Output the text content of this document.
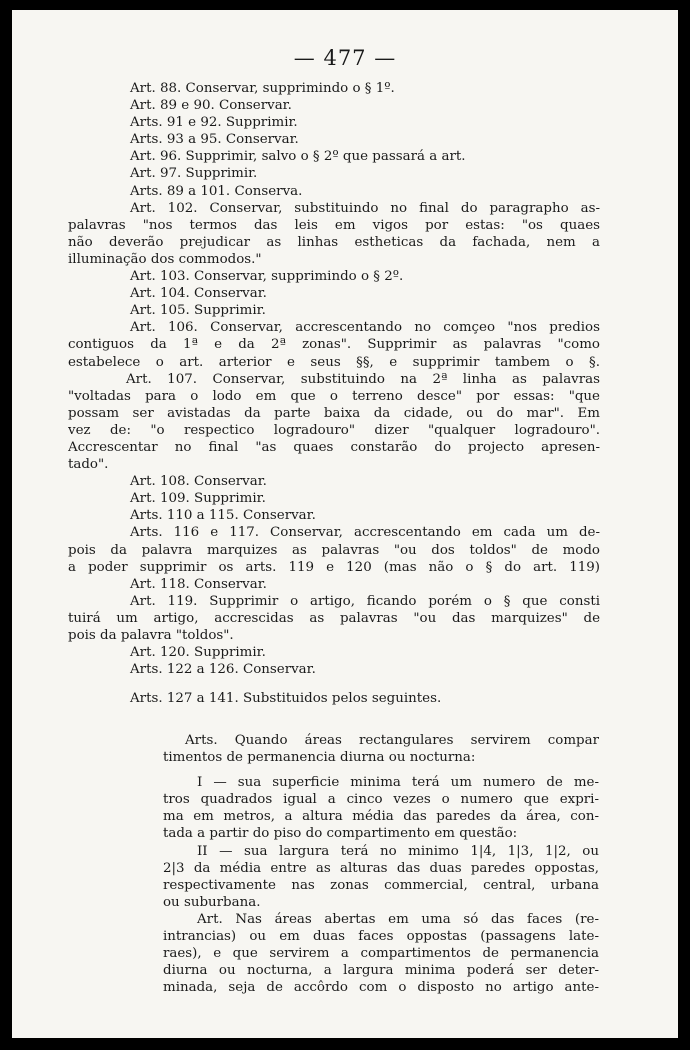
— 477 —
Art. 88. Conservar, supprimindo o § 1º.
Art. 89 e 90. Conservar.
Arts. 91 e 92. Supprimir.
Arts. 93 a 95. Conservar.
Art. 96. Supprimir, salvo o § 2º que passará a art.
Art. 97. Supprimir.
Arts. 89 a 101. Conserva.
Art. 102. Conservar, substituindo no final do paragrapho as-
palavras "nos termos das leis em vigos por estas: "os quaes
não deverão prejudicar as linhas estheticas da fachada, nem a
illuminação dos commodos."
Art. 103. Conservar, supprimindo o § 2º.
Art. 104. Conservar.
Art. 105. Supprimir.
Art. 106. Conservar, accrescentando no comçeo "nos predios
contiguos da 1ª e da 2ª zonas". Supprimir as palavras "como
estabelece o art. arterior e seus §§, e supprimir tambem o §.
Art. 107. Conservar, substituindo na 2ª linha as palavras
"voltadas para o lodo em que o terreno desce" por essas: "que
possam ser avistadas da parte baixa da cidade, ou do mar". Em
vez de: "o respectico logradouro" dizer "qualquer logradouro".
Accrescentar no final "as quaes constarão do projecto apresen-
tado".
Art. 108. Conservar.
Art. 109. Supprimir.
Arts. 110 a 115. Conservar.
Arts. 116 e 117. Conservar, accrescentando em cada um de-
pois da palavra marquizes as palavras "ou dos toldos" de modo
a poder supprimir os arts. 119 e 120 (mas não o § do art. 119)
Art. 118. Conservar.
Art. 119. Supprimir o artigo, ficando porém o § que consti
tuirá um artigo, accrescidas as palavras "ou das marquizes" de
pois da palavra "toldos".
Art. 120. Supprimir.
Arts. 122 a 126. Conservar.
Arts. 127 a 141. Substituidos pelos seguintes.
Arts. Quando áreas rectangulares servirem compar
timentos de permanencia diurna ou nocturna:
I — sua superficie minima terá um numero de me-
tros quadrados igual a cinco vezes o numero que expri-
ma em metros, a altura média das paredes da área, con-
tada a partir do piso do compartimento em questão:
II — sua largura terá no minimo 1|4, 1|3, 1|2, ou
2|3 da média entre as alturas das duas paredes oppostas,
respectivamente nas zonas commercial, central, urbana
ou suburbana.
Art. Nas áreas abertas em uma só das faces (re-
intrancias) ou em duas faces oppostas (passagens late-
raes), e que servirem a compartimentos de permanencia
diurna ou nocturna, a largura minima poderá ser deter-
minada, seja de accôrdo com o disposto no artigo ante-
